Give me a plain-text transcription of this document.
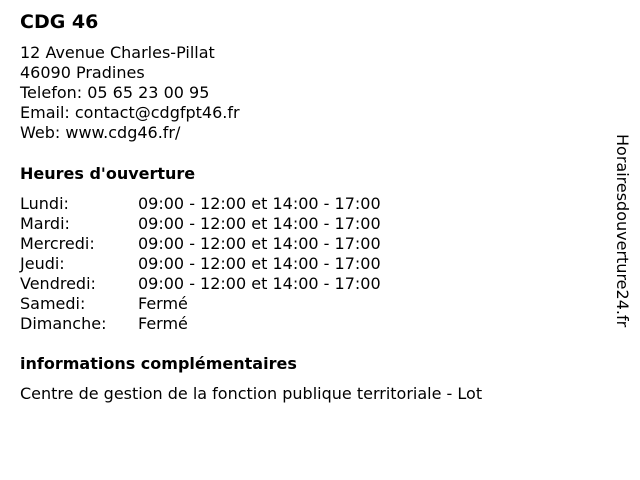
CDG 46
12 Avenue Charles-Pillat
46090 Pradines
Telefon: 05 65 23 00 95
Email: contact@cdgfpt46.fr
Web: www.cdg46.fr/
Heures d'ouverture
Lundi:	09:00 - 12:00 et 14:00 - 17:00
Mardi:	09:00 - 12:00 et 14:00 - 17:00
Mercredi:	09:00 - 12:00 et 14:00 - 17:00
Jeudi:	09:00 - 12:00 et 14:00 - 17:00
Vendredi:	09:00 - 12:00 et 14:00 - 17:00
Samedi:	Fermé
Dimanche: Fermé
informations complémentaires
Centre de gestion de la fonction publique territoriale - Lot
Horairesdouverture24.fr
